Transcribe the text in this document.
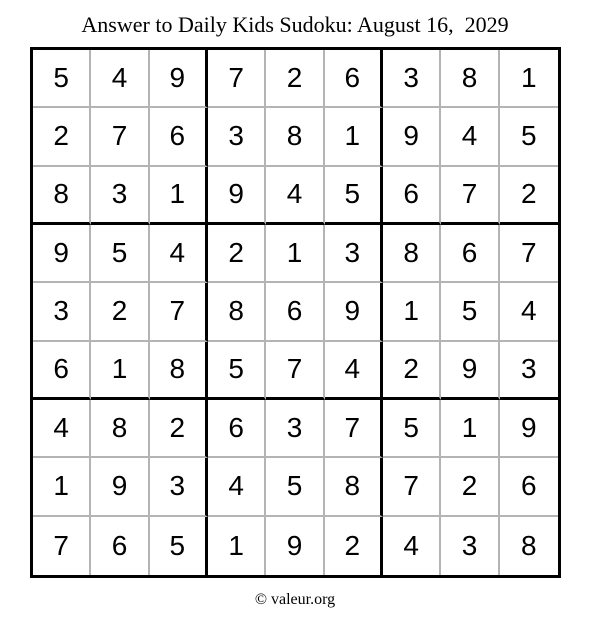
Answer to Daily Kids Sudoku: August 16,  2029
5	4	9	7	2	6	3	8	1
2	7	6	3	8	1	9	4	5
8	3	1	9	4	5	6	7	2
9	5	4	2	1	3	8	6	7
3	2	7	8	6	9	1	5	4
6	1	8	5	7	4	2	9	3
4	8	2	6	3	7	5	1	9
1	9	3	4	5	8	7	2	6
7	6	5	1	9	2	4	3	8
© valeur.org
